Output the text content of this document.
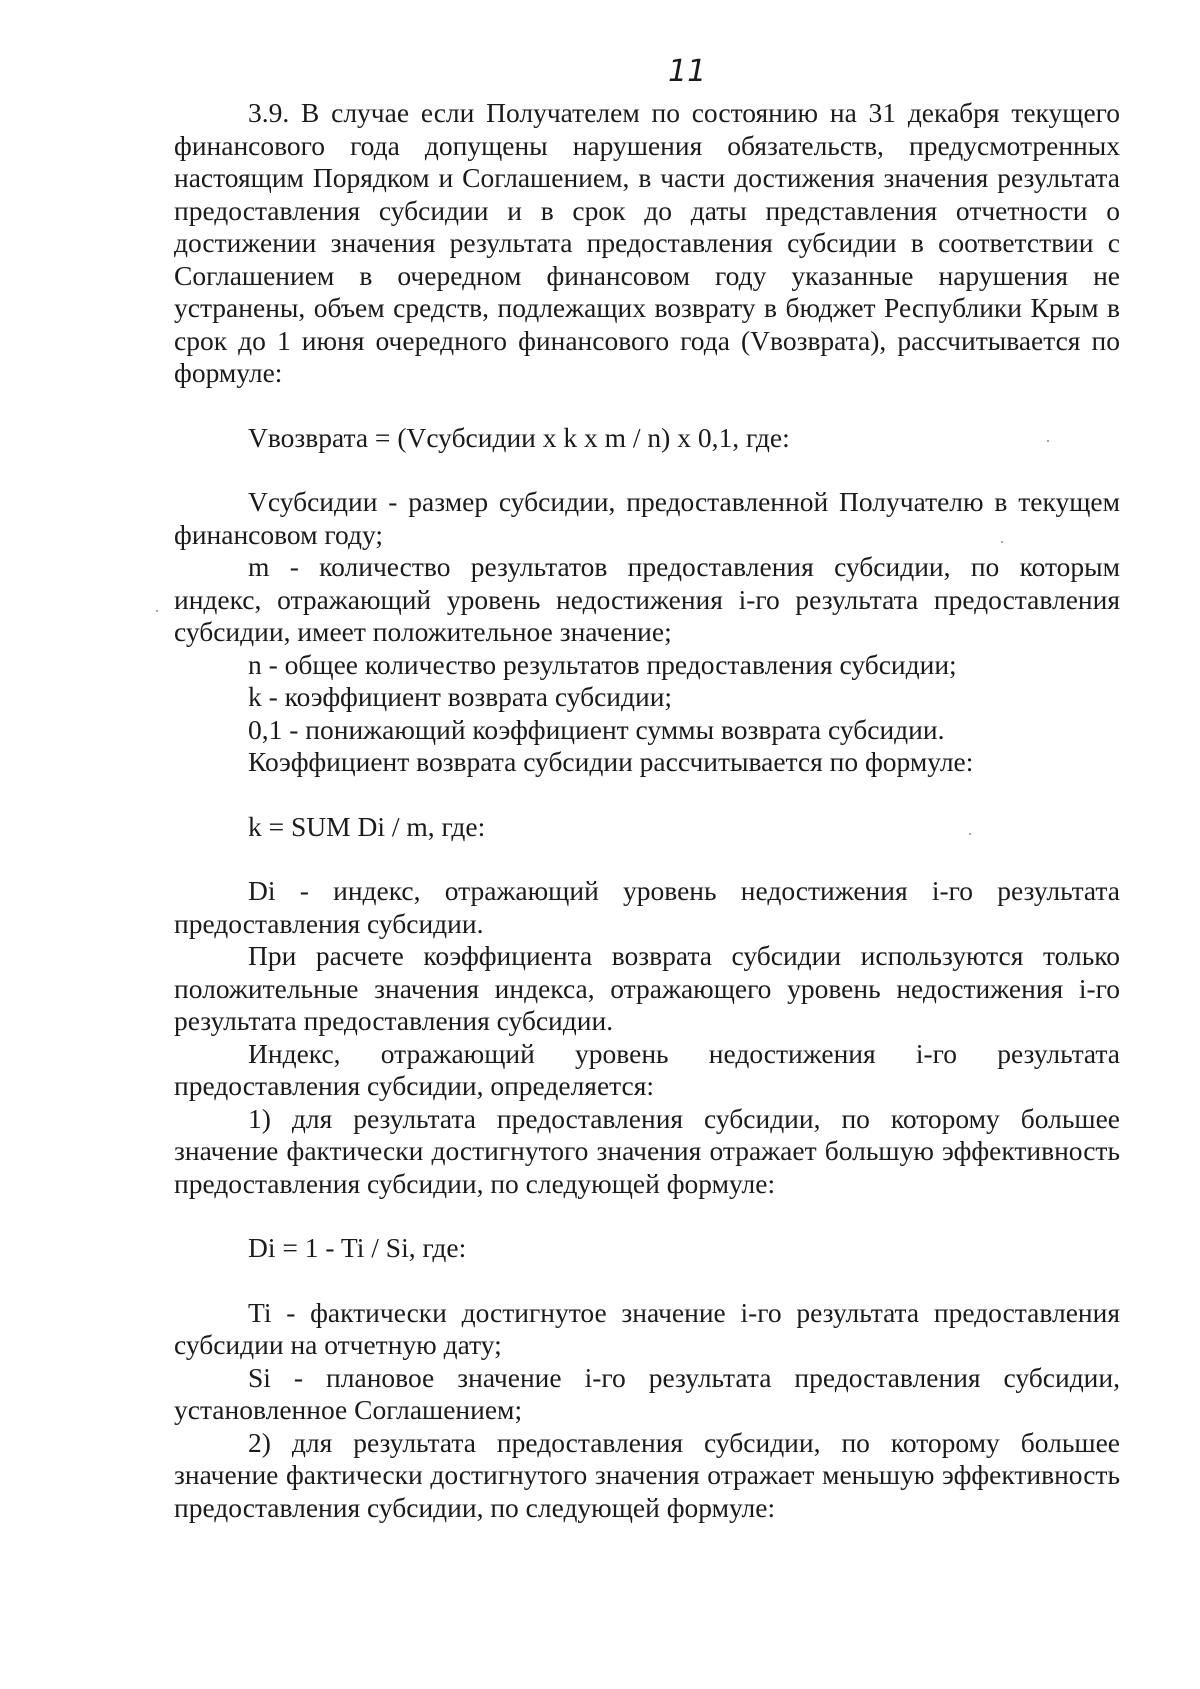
11

3.9. В случае если Получателем по состоянию на 31 декабря текущего финансового года допущены нарушения обязательств, предусмотренных настоящим Порядком и Соглашением, в части достижения значения результата предоставления субсидии и в срок до даты представления отчетности о достижении значения результата предоставления субсидии в соответствии с Соглашением в очередном финансовом году указанные нарушения не устранены, объем средств, подлежащих возврату в бюджет Республики Крым в срок до 1 июня очередного финансового года (Vвозврата), рассчитывается по формуле:

Vвозврата = (Vсубсидии x k x m / n) x 0,1, где:

Vсубсидии - размер субсидии, предоставленной Получателю в текущем финансовом году;

m - количество результатов предоставления субсидии, по которым индекс, отражающий уровень недостижения i-го результата предоставления субсидии, имеет положительное значение;

n - общее количество результатов предоставления субсидии;

k - коэффициент возврата субсидии;

0,1 - понижающий коэффициент суммы возврата субсидии.

Коэффициент возврата субсидии рассчитывается по формуле:

k = SUM Di / m, где:

Di - индекс, отражающий уровень недостижения i-го результата предоставления субсидии.

При расчете коэффициента возврата субсидии используются только положительные значения индекса, отражающего уровень недостижения i-го результата предоставления субсидии.

Индекс, отражающий уровень недостижения i-го результата предоставления субсидии, определяется:

1) для результата предоставления субсидии, по которому большее значение фактически достигнутого значения отражает большую эффективность предоставления субсидии, по следующей формуле:

Di = 1 - Ti / Si, где:

Ti - фактически достигнутое значение i-го результата предоставления субсидии на отчетную дату;

Si - плановое значение i-го результата предоставления субсидии, установленное Соглашением;

2) для результата предоставления субсидии, по которому большее значение фактически достигнутого значения отражает меньшую эффективность предоставления субсидии, по следующей формуле:
